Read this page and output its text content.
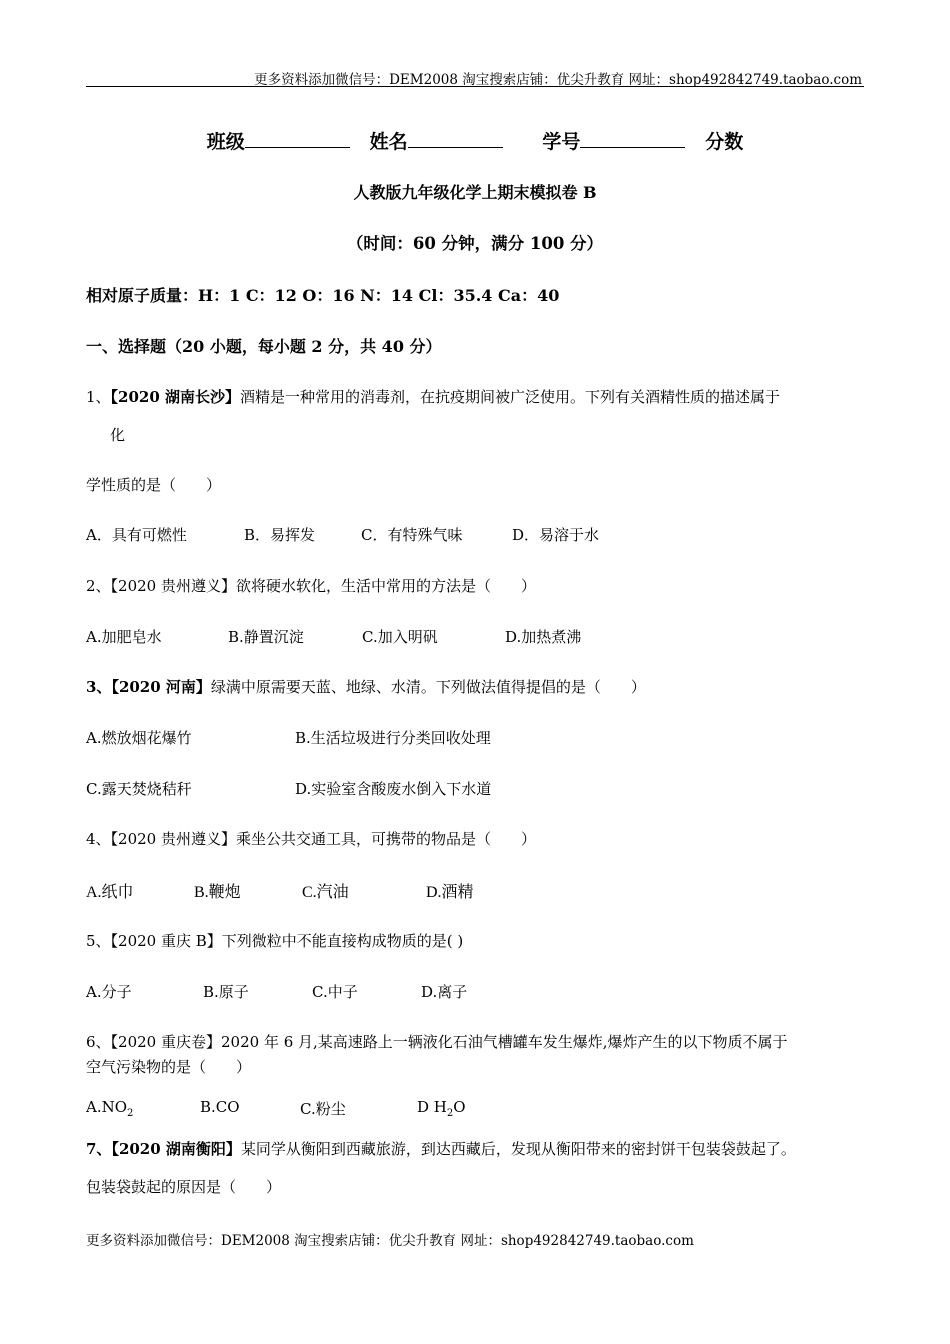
更多资料添加微信号：DEM2008 淘宝搜索店铺：优尖升教育 网址：shop492842749.taobao.com
班级	姓名	学号	分数
人教版九年级化学上期末模拟卷 B
（时间：60 分钟，满分 100 分）
相对原子质量：H：1 C：12 O：16 N：14 Cl：35.4 Ca：40
一、选择题（20 小题，每小题 2 分，共 40 分）
1、【2020 湖南长沙】酒精是一种常用的消毒剂，在抗疫期间被广泛使用。下列有关酒精性质的描述属于
化
学性质的是（　　）
A．具有可燃性	B．易挥发	C．有特殊气味	D．易溶于水
2、【2020 贵州遵义】欲将硬水软化，生活中常用的方法是（　　）
A.加肥皂水	B.静置沉淀	C.加入明矾	D.加热煮沸
3、【2020 河南】绿满中原需要天蓝、地绿、水清。下列做法值得提倡的是（　　）
A.燃放烟花爆竹	B.生活垃圾进行分类回收处理
C.露天焚烧秸秆	D.实验室含酸废水倒入下水道
4、【2020 贵州遵义】乘坐公共交通工具，可携带的物品是（　　）
A.纸巾	B.鞭炮	C.汽油	D.酒精
5、【2020 重庆 B】下列微粒中不能直接构成物质的是( )
A.分子	B.原子	C.中子	D.离子
6、【2020 重庆卷】2020 年 6 月,某高速路上一辆液化石油气槽罐车发生爆炸,爆炸产生的以下物质不属于
空气污染物的是（　　）
$A.NO_2$	B.CO	C.粉尘	D $H_2O$
7、【2020 湖南衡阳】某同学从衡阳到西藏旅游，到达西藏后，发现从衡阳带来的密封饼干包装袋鼓起了。
包装袋鼓起的原因是（　　）
更多资料添加微信号：DEM2008 淘宝搜索店铺：优尖升教育 网址：shop492842749.taobao.com
